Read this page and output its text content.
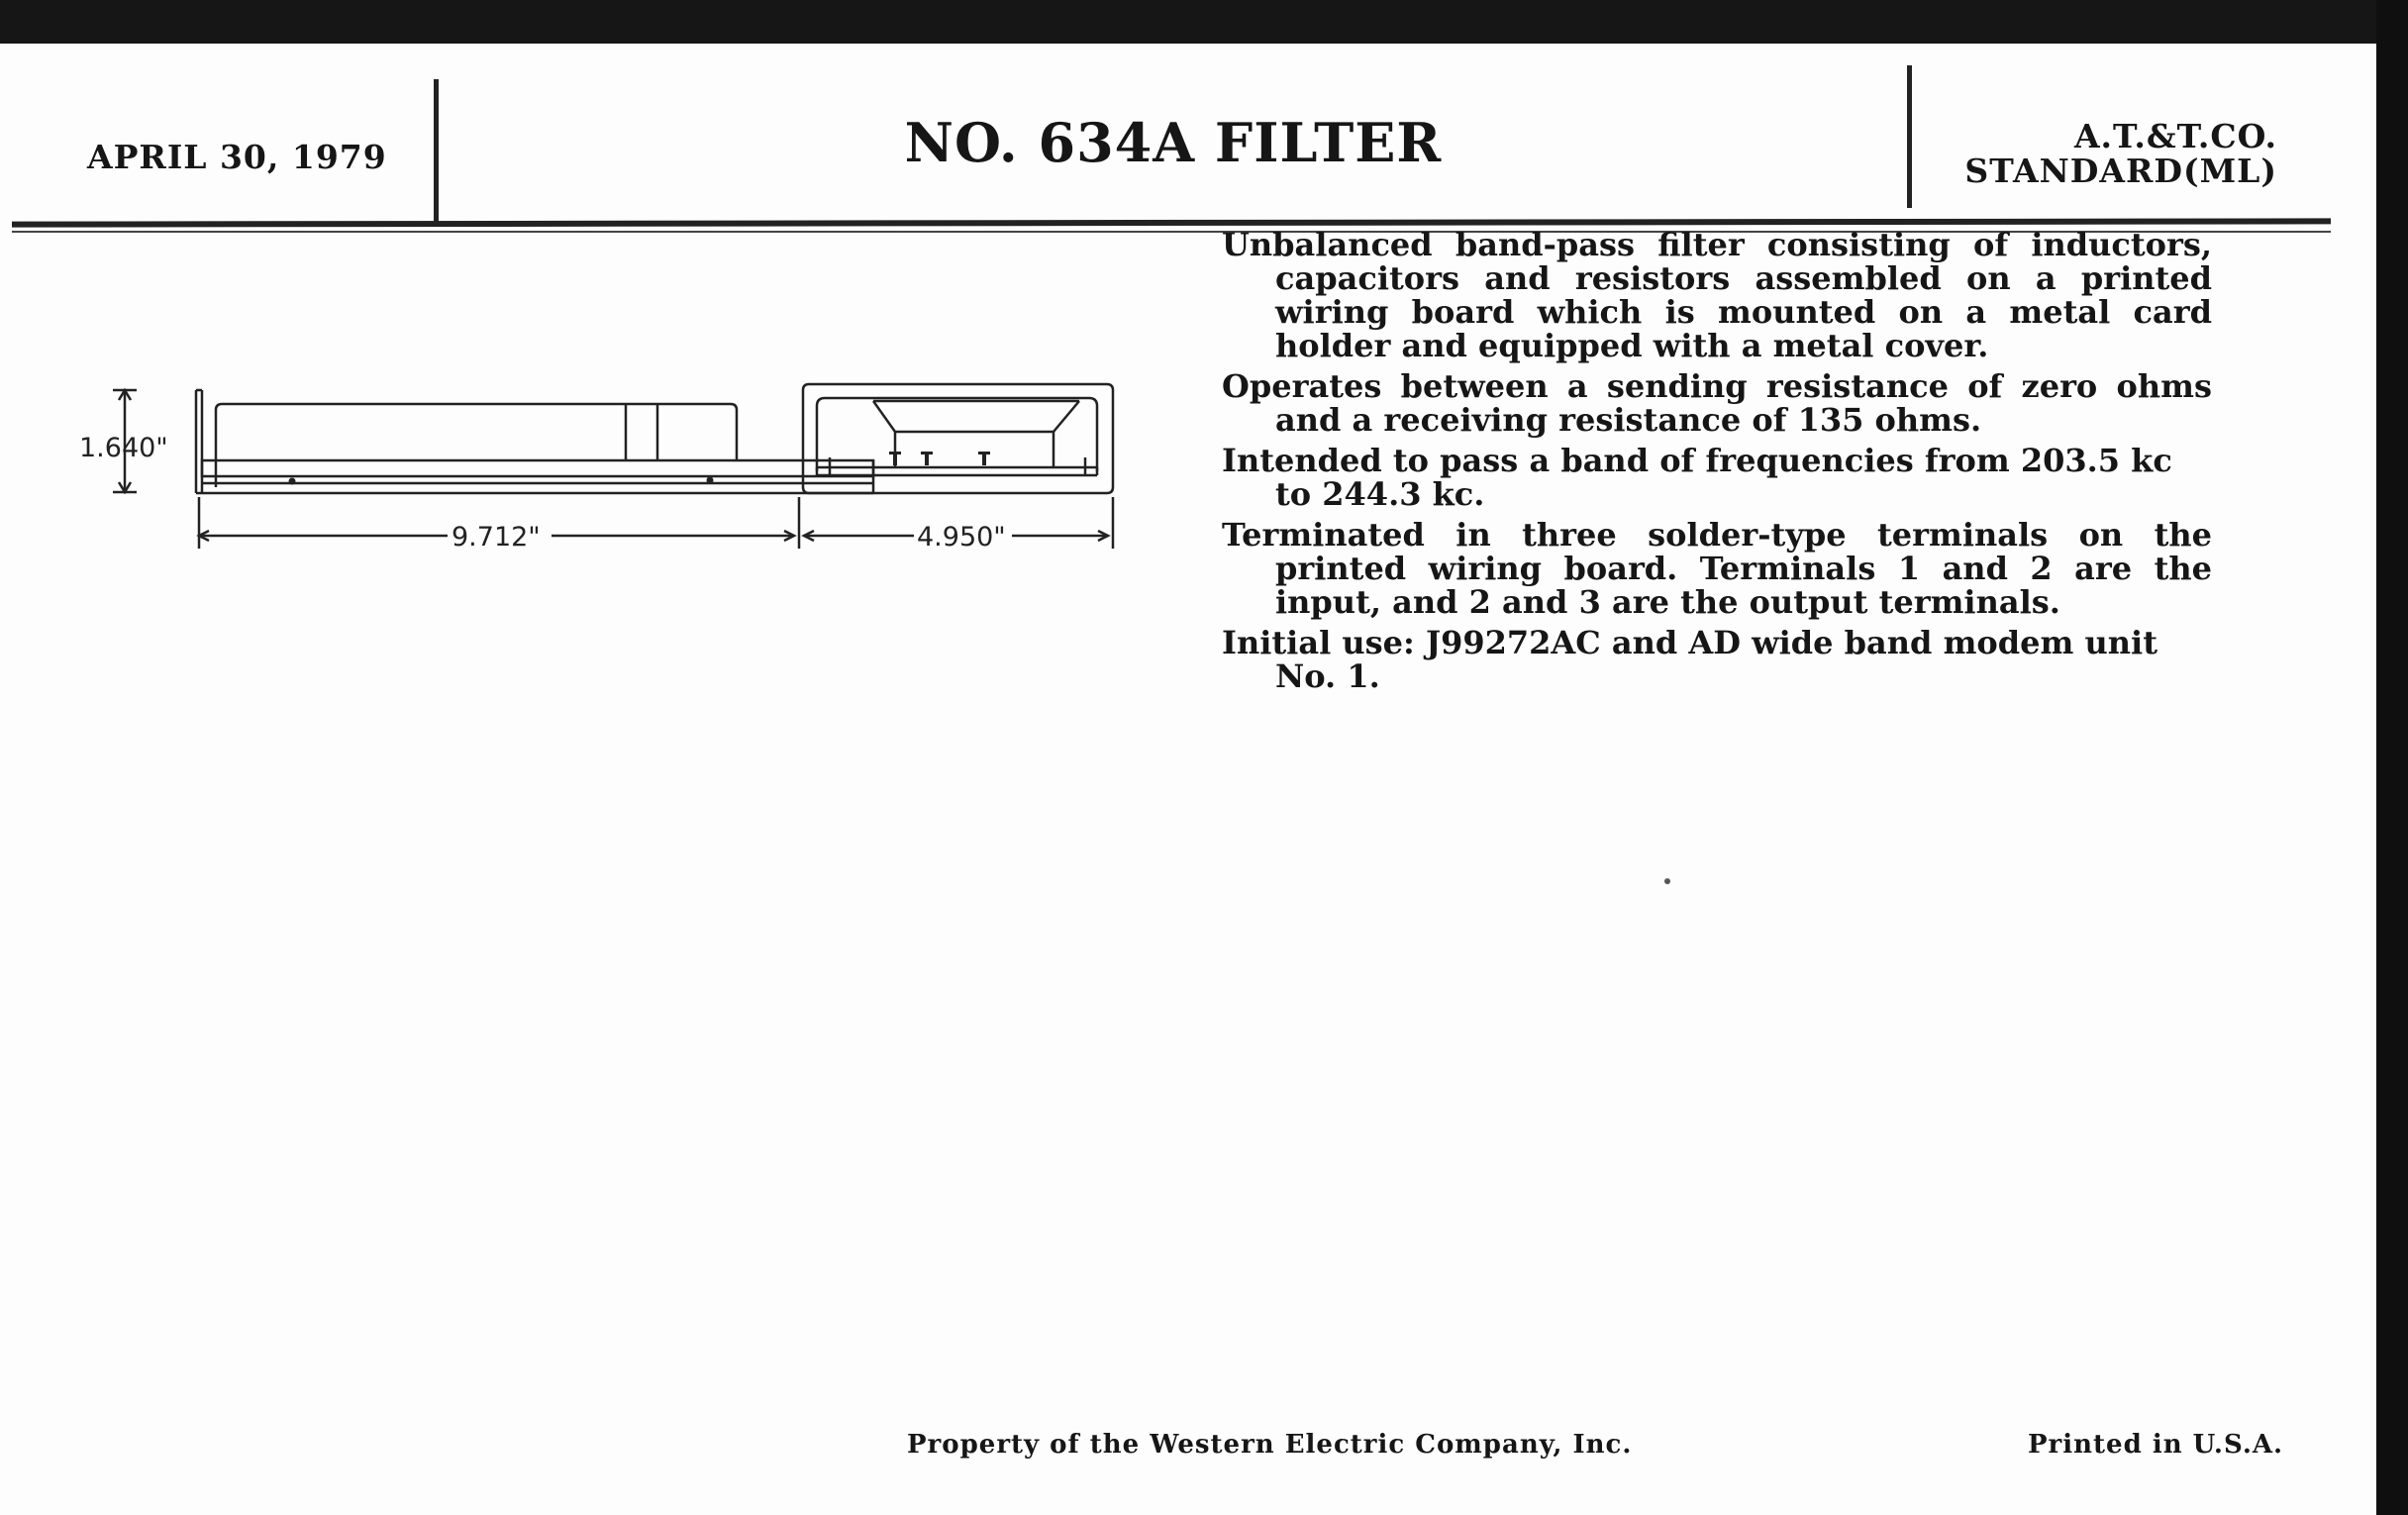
APRIL 30, 1979	NO. 634A FILTER	A.T.&T.CO.
STANDARD(ML)
1.640"
9.712"	4.950"

Unbalanced band-pass filter consisting of inductors, capacitors and resistors assembled on a printed wiring board which is mounted on a metal card holder and equipped with a metal cover.

Operates between a sending resistance of zero ohms and a receiving resistance of 135 ohms.

Intended to pass a band of frequencies from 203.5 kc to 244.3 kc.

Terminated in three solder-type terminals on the printed wiring board. Terminals 1 and 2 are the input, and 2 and 3 are the output terminals.

Initial use: J99272AC and AD wide band modem unit No. 1.

Property of the Western Electric Company, Inc.	Printed in U.S.A.
